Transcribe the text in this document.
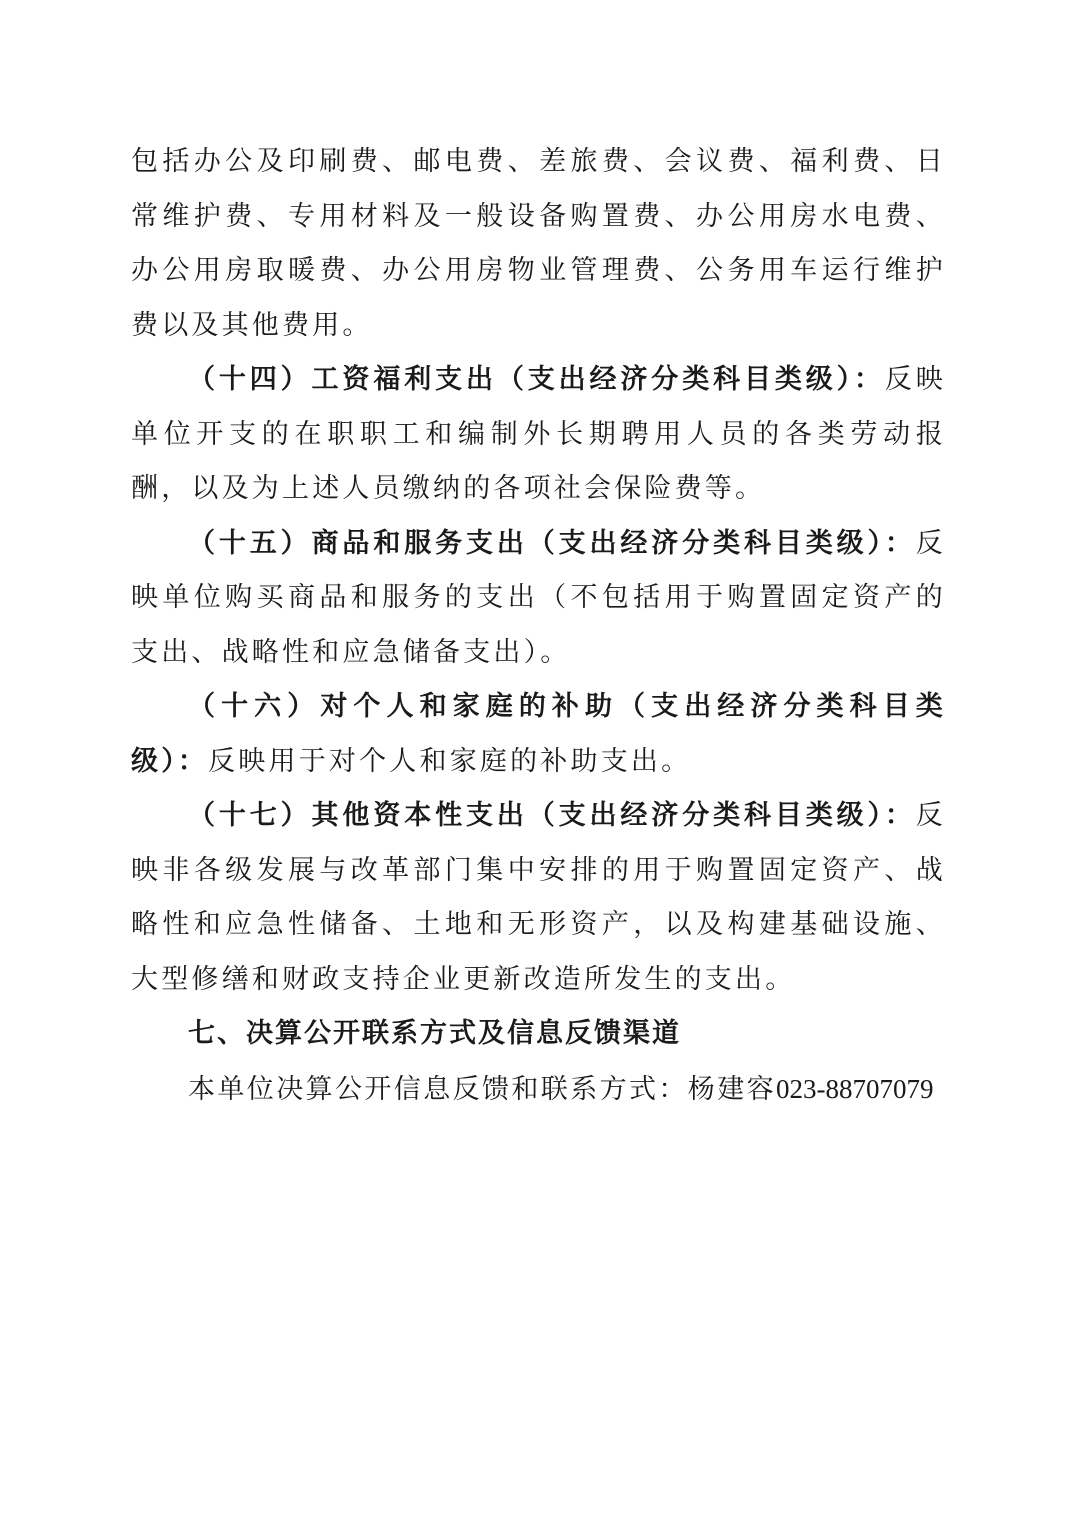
包括办公及印刷费、邮电费、差旅费、会议费、福利费、日常维护费、专用材料及一般设备购置费、办公用房水电费、办公用房取暖费、办公用房物业管理费、公务用车运行维护费以及其他费用。

（十四）工资福利支出（支出经济分类科目类级）：反映单位开支的在职职工和编制外长期聘用人员的各类劳动报酬，以及为上述人员缴纳的各项社会保险费等。

（十五）商品和服务支出（支出经济分类科目类级）：反映单位购买商品和服务的支出（不包括用于购置固定资产的支出、战略性和应急储备支出）。

（十六）对个人和家庭的补助（支出经济分类科目类级）：反映用于对个人和家庭的补助支出。

（十七）其他资本性支出（支出经济分类科目类级）：反映非各级发展与改革部门集中安排的用于购置固定资产、战略性和应急性储备、土地和无形资产，以及构建基础设施、大型修缮和财政支持企业更新改造所发生的支出。

七、决算公开联系方式及信息反馈渠道

本单位决算公开信息反馈和联系方式：杨建容023-88707079
